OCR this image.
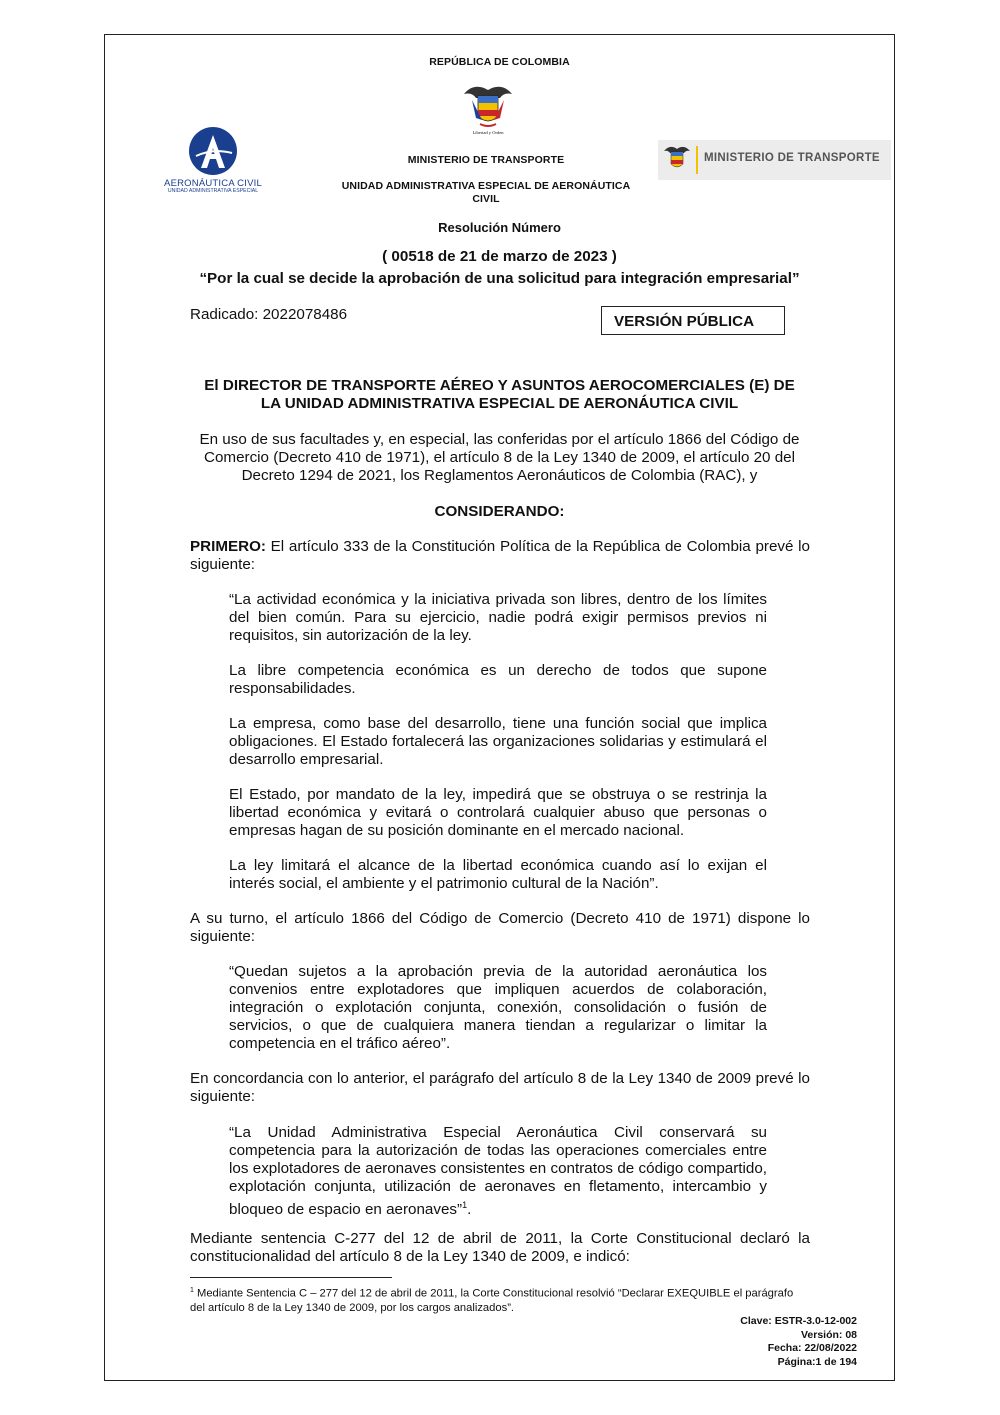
REPÚBLICA DE COLOMBIA
Libertad y Orden
MINISTERIO DE TRANSPORTE
UNIDAD ADMINISTRATIVA ESPECIAL DE AERONÁUTICA
CIVIL
AERONÁUTICA CIVIL
UNIDAD ADMINISTRATIVA ESPECIAL
MINISTERIO DE TRANSPORTE
Resolución Número
( 00518 de 21 de marzo de 2023 )
“Por la cual se decide la aprobación de una solicitud para integración empresarial”
Radicado: 2022078486	VERSIÓN PÚBLICA
El DIRECTOR DE TRANSPORTE AÉREO Y ASUNTOS AEROCOMERCIALES (E) DE
LA UNIDAD ADMINISTRATIVA ESPECIAL DE AERONÁUTICA CIVIL
En uso de sus facultades y, en especial, las conferidas por el artículo 1866 del Código de
Comercio (Decreto 410 de 1971), el artículo 8 de la Ley 1340 de 2009, el artículo 20 del
Decreto 1294 de 2021, los Reglamentos Aeronáuticos de Colombia (RAC), y
CONSIDERANDO:
PRIMERO: El artículo 333 de la Constitución Política de la República de Colombia prevé lo siguiente:
“La actividad económica y la iniciativa privada son libres, dentro de los límites del bien común. Para su ejercicio, nadie podrá exigir permisos previos ni requisitos, sin autorización de la ley.
La libre competencia económica es un derecho de todos que supone responsabilidades.
La empresa, como base del desarrollo, tiene una función social que implica obligaciones. El Estado fortalecerá las organizaciones solidarias y estimulará el desarrollo empresarial.
El Estado, por mandato de la ley, impedirá que se obstruya o se restrinja la libertad económica y evitará o controlará cualquier abuso que personas o empresas hagan de su posición dominante en el mercado nacional.
La ley limitará el alcance de la libertad económica cuando así lo exijan el interés social, el ambiente y el patrimonio cultural de la Nación”.
A su turno, el artículo 1866 del Código de Comercio (Decreto 410 de 1971) dispone lo siguiente:
“Quedan sujetos a la aprobación previa de la autoridad aeronáutica los convenios entre explotadores que impliquen acuerdos de colaboración, integración o explotación conjunta, conexión, consolidación o fusión de servicios, o que de cualquiera manera tiendan a regularizar o limitar la competencia en el tráfico aéreo”.
En concordancia con lo anterior, el parágrafo del artículo 8 de la Ley 1340 de 2009 prevé lo siguiente:
“La Unidad Administrativa Especial Aeronáutica Civil conservará su competencia para la autorización de todas las operaciones comerciales entre los explotadores de aeronaves consistentes en contratos de código compartido, explotación conjunta, utilización de aeronaves en fletamento, intercambio y bloqueo de espacio en aeronaves”$^1$.
Mediante sentencia C-277 del 12 de abril de 2011, la Corte Constitucional declaró la constitucionalidad del artículo 8 de la Ley 1340 de 2009, e indicó:
$^1$ Mediante Sentencia C – 277 del 12 de abril de 2011, la Corte Constitucional resolvió “Declarar EXEQUIBLE el parágrafo del artículo 8 de la Ley 1340 de 2009, por los cargos analizados”.
Clave: ESTR-3.0-12-002
Versión: 08
Fecha: 22/08/2022
Página:1 de 194
